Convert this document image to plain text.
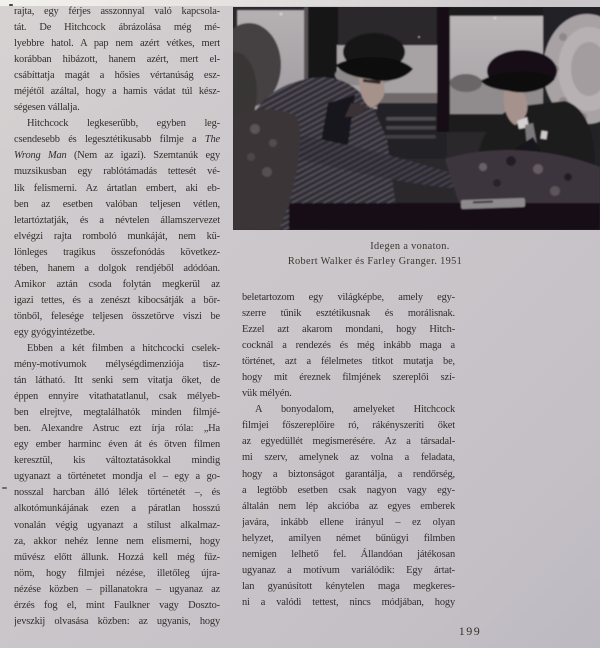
rajta, egy férjes asszonnyal való kapcsola-
tát. De Hitchcock ábrázolása még mé-
lyebbre hatol. A pap nem azért vétkes, mert
korábban hibázott, hanem azért, mert el-
csábíttatja magát a hősies vértanúság esz-
méjétől azáltal, hogy a hamis vádat túl kész-
ségesen vállalja.
Hitchcock legkeserűbb, egyben leg-
csendesebb és legesztétikusabb filmje a The
Wrong Man (Nem az igazi). Szemtanúk egy
muzsikusban egy rablótámadás tettesét vé-
lik felismerni. Az ártatlan embert, aki eb-
ben az esetben valóban teljesen vétlen,
letartóztatják, és a névtelen államszervezet
elvégzi rajta romboló munkáját, nem kü-
lönleges tragikus összefonódás következ-
tében, hanem a dolgok rendjéből adódóan.
Amikor aztán csoda folytán megkerül az
igazi tettes, és a zenészt kibocsátják a bör-
tönből, felesége teljesen összetörve viszi be
egy gyógyintézetbe.
Ebben a két filmben a hitchcocki cselek-
mény-motívumok mélységdimenziója tisz-
tán látható. Itt senki sem vitatja őket, de
éppen ennyire vitathatatlanul, csak mélyeb-
ben elrejtve, megtalálhatók minden filmjé-
ben. Alexandre Astruc ezt írja róla: „Ha
egy ember harminc éven át és ötven filmen
keresztül, kis változtatásokkal mindig
ugyanazt a történetet mondja el – egy a go-
nosszal harcban álló lélek történetét –, és
alkotómunkájának ezen a páratlan hosszú
vonalán végig ugyanazt a stílust alkalmaz-
za, akkor nehéz lenne nem elismerni, hogy
művész előtt állunk. Hozzá kell még fűz-
nöm, hogy filmjei nézése, illetőleg újra-
nézése közben – pillanatokra – ugyanaz az
érzés fog el, mint Faulkner vagy Doszto-
jevszkij olvasása közben: az ugyanis, hogy
Idegen a vonaton.
Robert Walker és Farley Granger. 1951
beletartozom egy világképbe, amely egy-
szerre tűnik esztétikusnak és morálisnak.
Ezzel azt akarom mondani, hogy Hitch-
cocknál a rendezés és még inkább maga a
történet, azt a félelmetes titkot mutatja be,
hogy mit éreznek filmjének szereplői szí-
vük mélyén.
A bonyodalom, amelyeket Hitchcock
filmjei főszereplőire ró, rákényszeríti őket
az egyedüllét megismerésére. Az a társadal-
mi szerv, amelynek az volna a feladata,
hogy a biztonságot garantálja, a rendőrség,
a legtöbb esetben csak nagyon vagy egy-
általán nem lép akcióba az egyes emberek
javára, inkább ellene irányul – ez olyan
helyzet, amilyen német bűnügyi filmben
nemigen lelhető fel. Állandóan játékosan
ugyanaz a motívum variálódik: Egy ártat-
lan gyanúsított kénytelen maga megkeres-
ni a valódi tettest, nincs módjában, hogy
199
